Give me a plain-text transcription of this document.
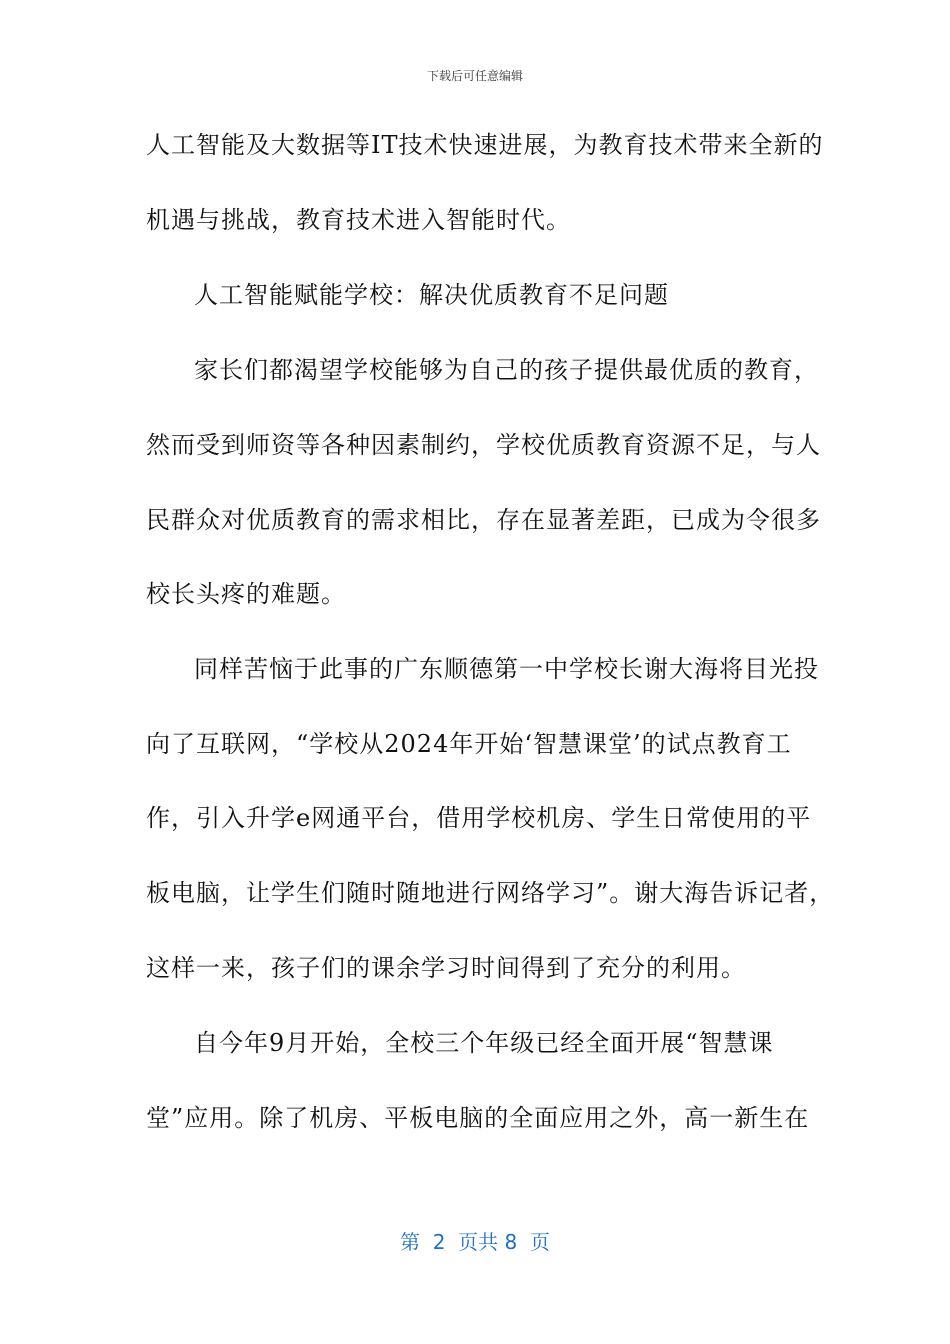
下载后可任意编辑
人工智能及大数据等IT技术快速进展，为教育技术带来全新的
机遇与挑战，教育技术进入智能时代。
人工智能赋能学校：解决优质教育不足问题
家长们都渴望学校能够为自己的孩子提供最优质的教育，
然而受到师资等各种因素制约，学校优质教育资源不足，与人
民群众对优质教育的需求相比，存在显著差距，已成为令很多
校长头疼的难题。
同样苦恼于此事的广东顺德第一中学校长谢大海将目光投
向了互联网，“学校从2024年开始‘智慧课堂’的试点教育工
作，引入升学e网通平台，借用学校机房、学生日常使用的平
板电脑，让学生们随时随地进行网络学习”。谢大海告诉记者，
这样一来，孩子们的课余学习时间得到了充分的利用。
自今年9月开始，全校三个年级已经全面开展“智慧课
堂”应用。除了机房、平板电脑的全面应用之外，高一新生在
第  2  页共 8  页
